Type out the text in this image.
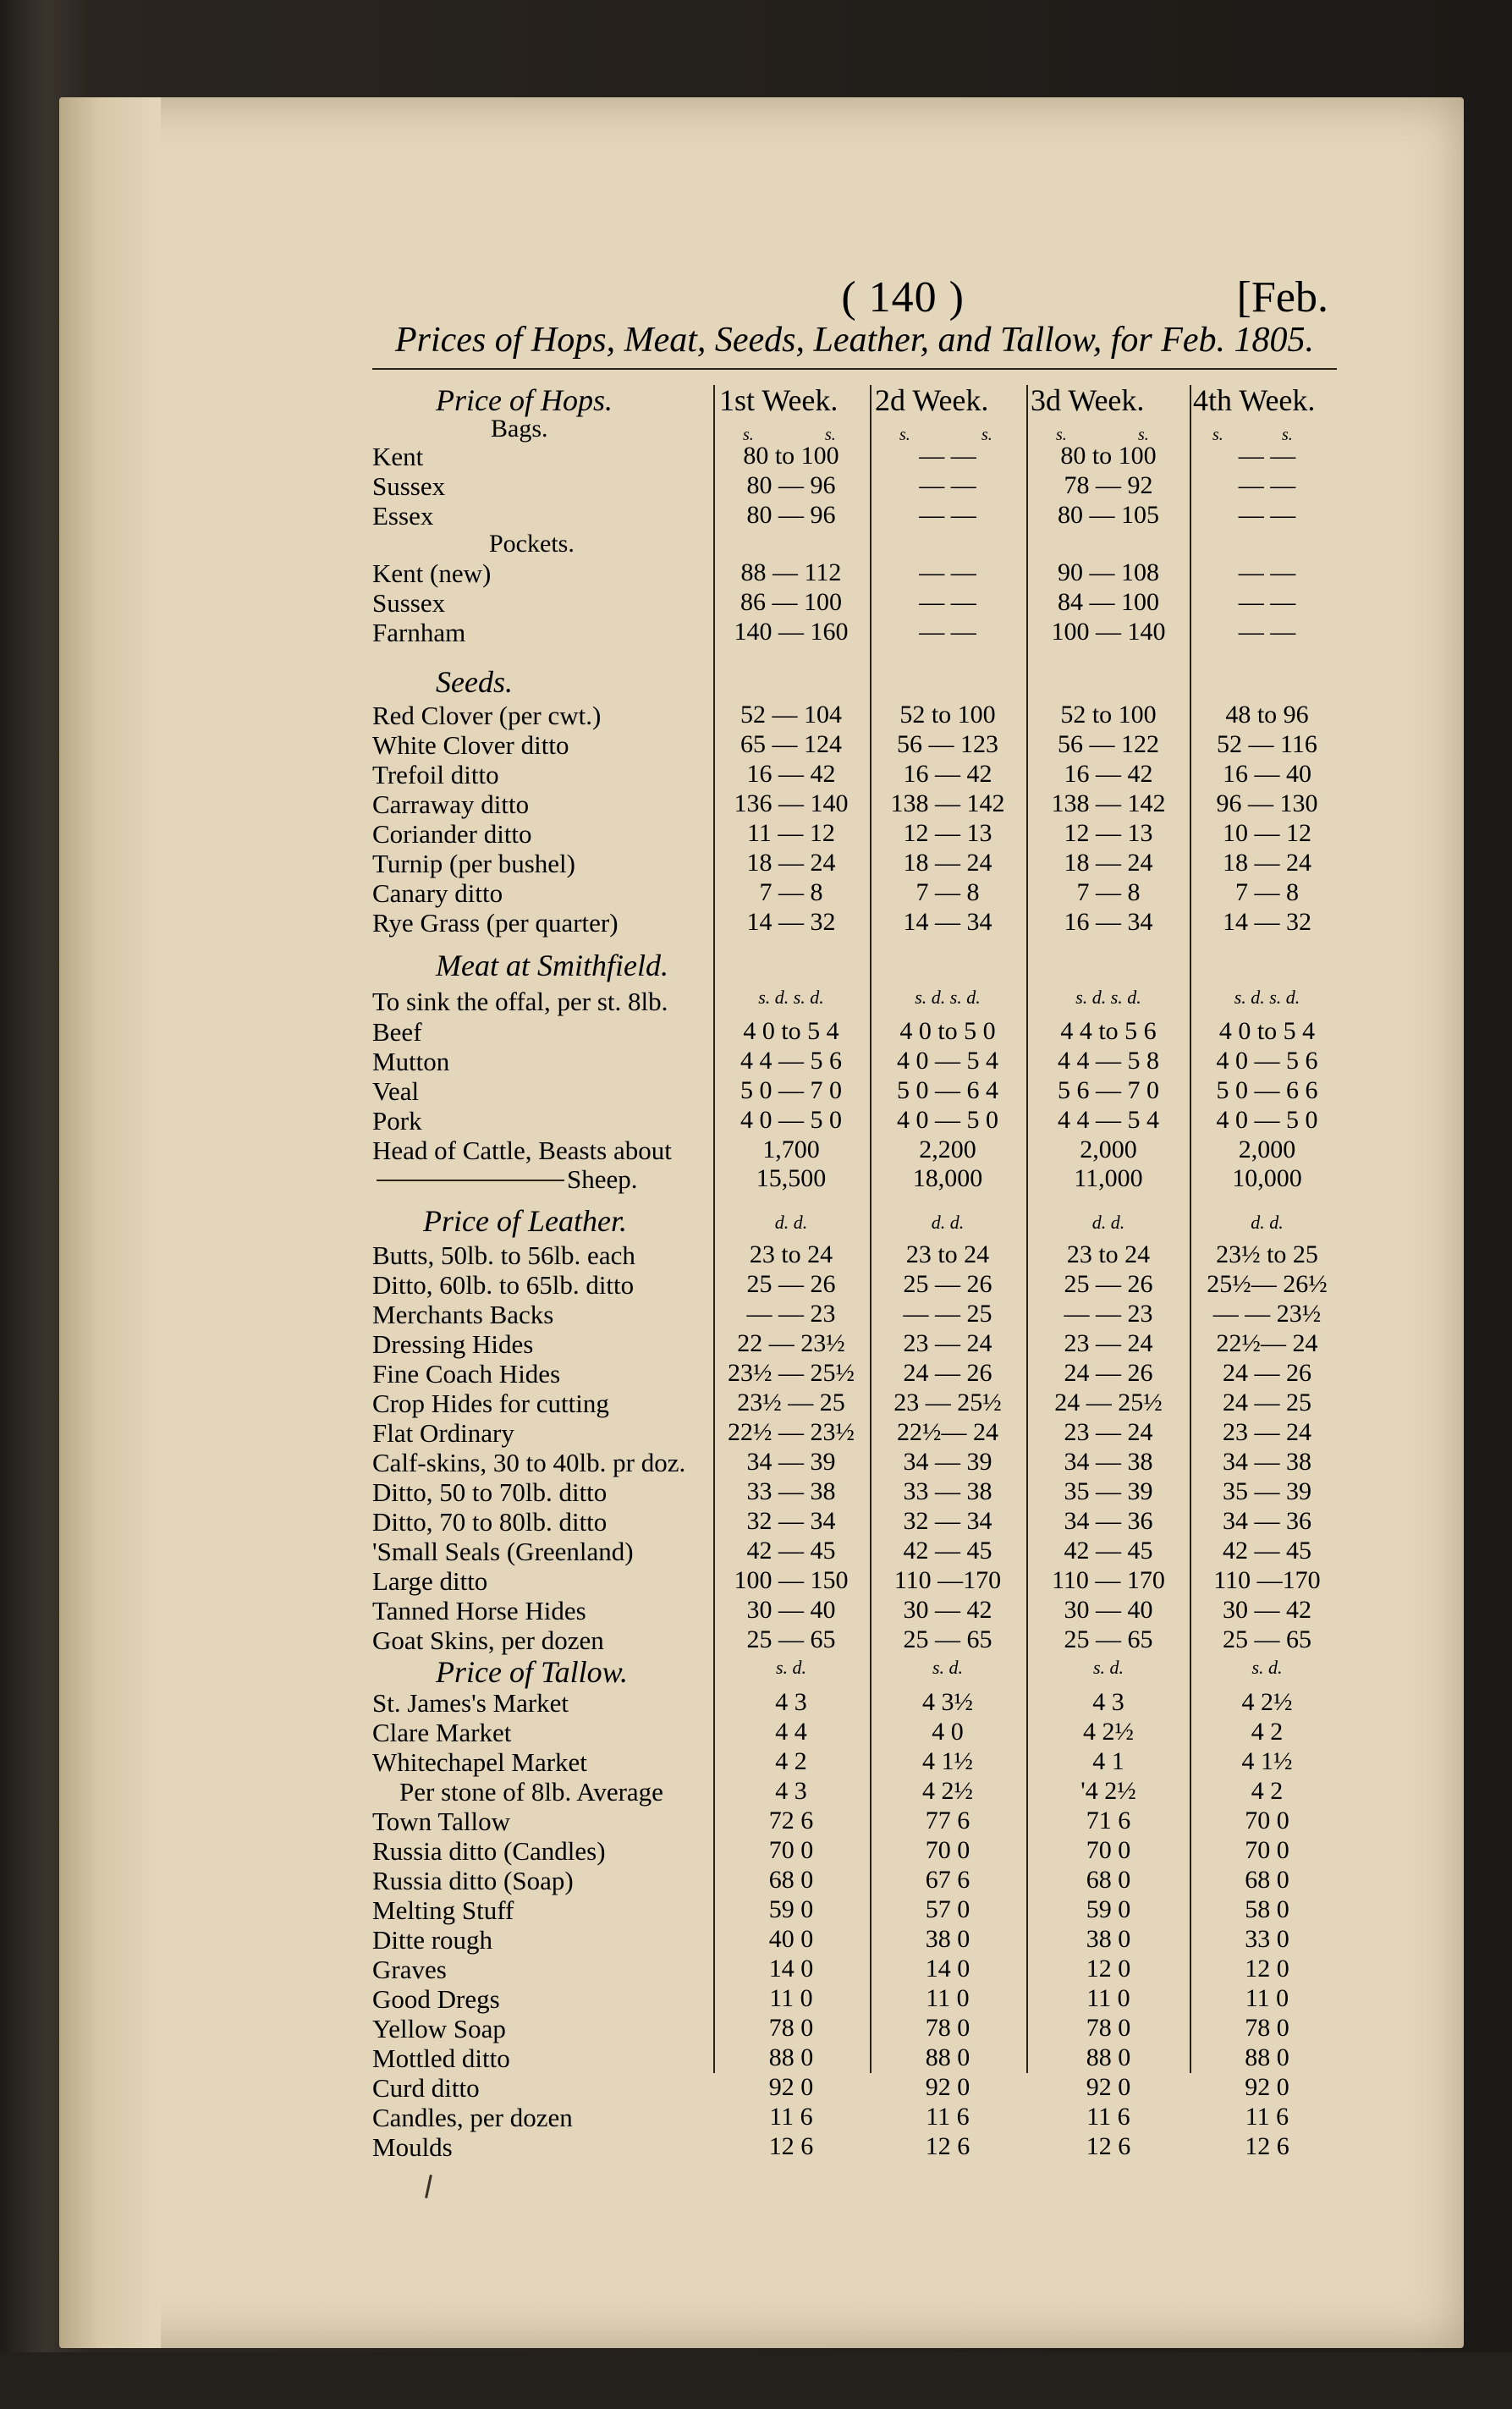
( 140 )	[Feb.
Prices of Hops, Meat, Seeds, Leather, and Tallow, for Feb. 1805.
1st Week. 2d Week. 3d Week. 4th Week.
Price of Hops.
Bags.	s.	s.	s.	s.	s.	s.	s.	s.
Kent	80 to 100	— —	80 to 100	— —
Sussex	80 — 96	— —	78 — 92	— —
Essex	80 — 96	— —	80 — 105	— —
Pockets.
Kent (new)	88 — 112	— —	90 — 108	— —
Sussex	86 — 100	— —	84 — 100	— —
Farnham	140 — 160	— —	100 — 140	— —
Seeds.
Red Clover (per cwt.)	52 — 104	52 to 100	52 to 100	48 to 96
White Clover ditto	65 — 124	56 — 123	56 — 122	52 — 116
Trefoil ditto	16 — 42	16 — 42	16 — 42	16 — 40
Carraway ditto	136 — 140	138 — 142	138 — 142	96 — 130
Coriander ditto	11 — 12	12 — 13	12 — 13	10 — 12
Turnip (per bushel)	18 — 24	18 — 24	18 — 24	18 — 24
Canary ditto	7 — 8	7 — 8	7 — 8	7 — 8
Rye Grass (per quarter)	14 — 32	14 — 34	16 — 34	14 — 32
Meat at Smithfield.
To sink the offal, per st. 8lb.	s. d. s. d.	s. d. s. d.	s. d. s. d.	s. d. s. d.
Beef	4 0 to 5 4	4 0 to 5 0	4 4 to 5 6	4 0 to 5 4
Mutton	4 4 — 5 6	4 0 — 5 4	4 4 — 5 8	4 0 — 5 6
Veal	5 0 — 7 0	5 0 — 6 4	5 6 — 7 0	5 0 — 6 6
Pork	4 0 — 5 0	4 0 — 5 0	4 4 — 5 4	4 0 — 5 0
Head of Cattle, Beasts about	1,700	2,200	2,000	2,000
Sheep.	15,500	18,000	11,000	10,000
Price of Leather.	d. d.	d. d.	d. d.	d. d.
Butts, 50lb. to 56lb. each	23 to 24	23 to 24	23 to 24	23½ to 25
Ditto, 60lb. to 65lb. ditto	25 — 26	25 — 26	25 — 26	25½— 26½
Merchants Backs	— — 23	— — 25	— — 23	— — 23½
Dressing Hides	22 — 23½	23 — 24	23 — 24	22½— 24
Fine Coach Hides	23½ — 25½	24 — 26	24 — 26	24 — 26
Crop Hides for cutting	23½ — 25	23 — 25½	24 — 25½	24 — 25
Flat Ordinary	22½ — 23½	22½— 24	23 — 24	23 — 24
Calf-skins, 30 to 40lb. pr doz.	34 — 39	34 — 39	34 — 38	34 — 38
Ditto, 50 to 70lb. ditto	33 — 38	33 — 38	35 — 39	35 — 39
Ditto, 70 to 80lb. ditto	32 — 34	32 — 34	34 — 36	34 — 36
'Small Seals (Greenland)	42 — 45	42 — 45	42 — 45	42 — 45
Large ditto	100 — 150	110 —170	110 — 170	110 —170
Tanned Horse Hides	30 — 40	30 — 42	30 — 40	30 — 42
Goat Skins, per dozen	25 — 65	25 — 65	25 — 65	25 — 65
Price of Tallow.	s. d.	s. d.	s. d.	s. d.
St. James's Market	4 3	4 3½	4 3	4 2½
Clare Market	4 4	4 0	4 2½	4 2
Whitechapel Market	4 2	4 1½	4 1	4 1½
Per stone of 8lb. Average	4 3	4 2½	'4 2½	4 2
Town Tallow	72 6	77 6	71 6	70 0
Russia ditto (Candles)	70 0	70 0	70 0	70 0
Russia ditto (Soap)	68 0	67 6	68 0	68 0
Melting Stuff	59 0	57 0	59 0	58 0
Ditte rough	40 0	38 0	38 0	33 0
Graves	14 0	14 0	12 0	12 0
Good Dregs	11 0	11 0	11 0	11 0
Yellow Soap	78 0	78 0	78 0	78 0
Mottled ditto	88 0	88 0	88 0	88 0
Curd ditto	92 0	92 0	92 0	92 0
Candles, per dozen	11 6	11 6	11 6	11 6
Moulds	12 6	12 6	12 6	12 6
